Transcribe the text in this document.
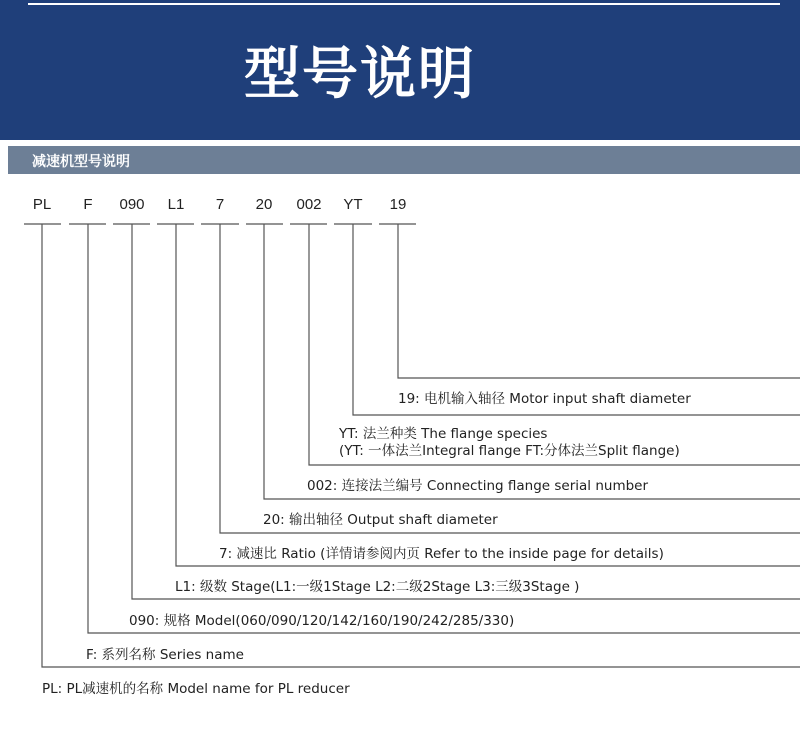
型号说明
减速机型号说明
PL F 090 L1 7 20 002 YT 19
19: 电机输入轴径 Motor input shaft diameter
YT: 法兰种类 The flange species
(YT: 一体法兰Integral flange FT:分体法兰Split flange)
002: 连接法兰编号 Connecting flange serial number
20: 输出轴径 Output shaft diameter
7: 减速比 Ratio (详情请参阅内页 Refer to the inside page for details)
L1: 级数 Stage(L1:一级1Stage L2:二级2Stage L3:三级3Stage )
090: 规格 Model(060/090/120/142/160/190/242/285/330)
F: 系列名称 Series name
PL: PL减速机的名称 Model name for PL reducer
